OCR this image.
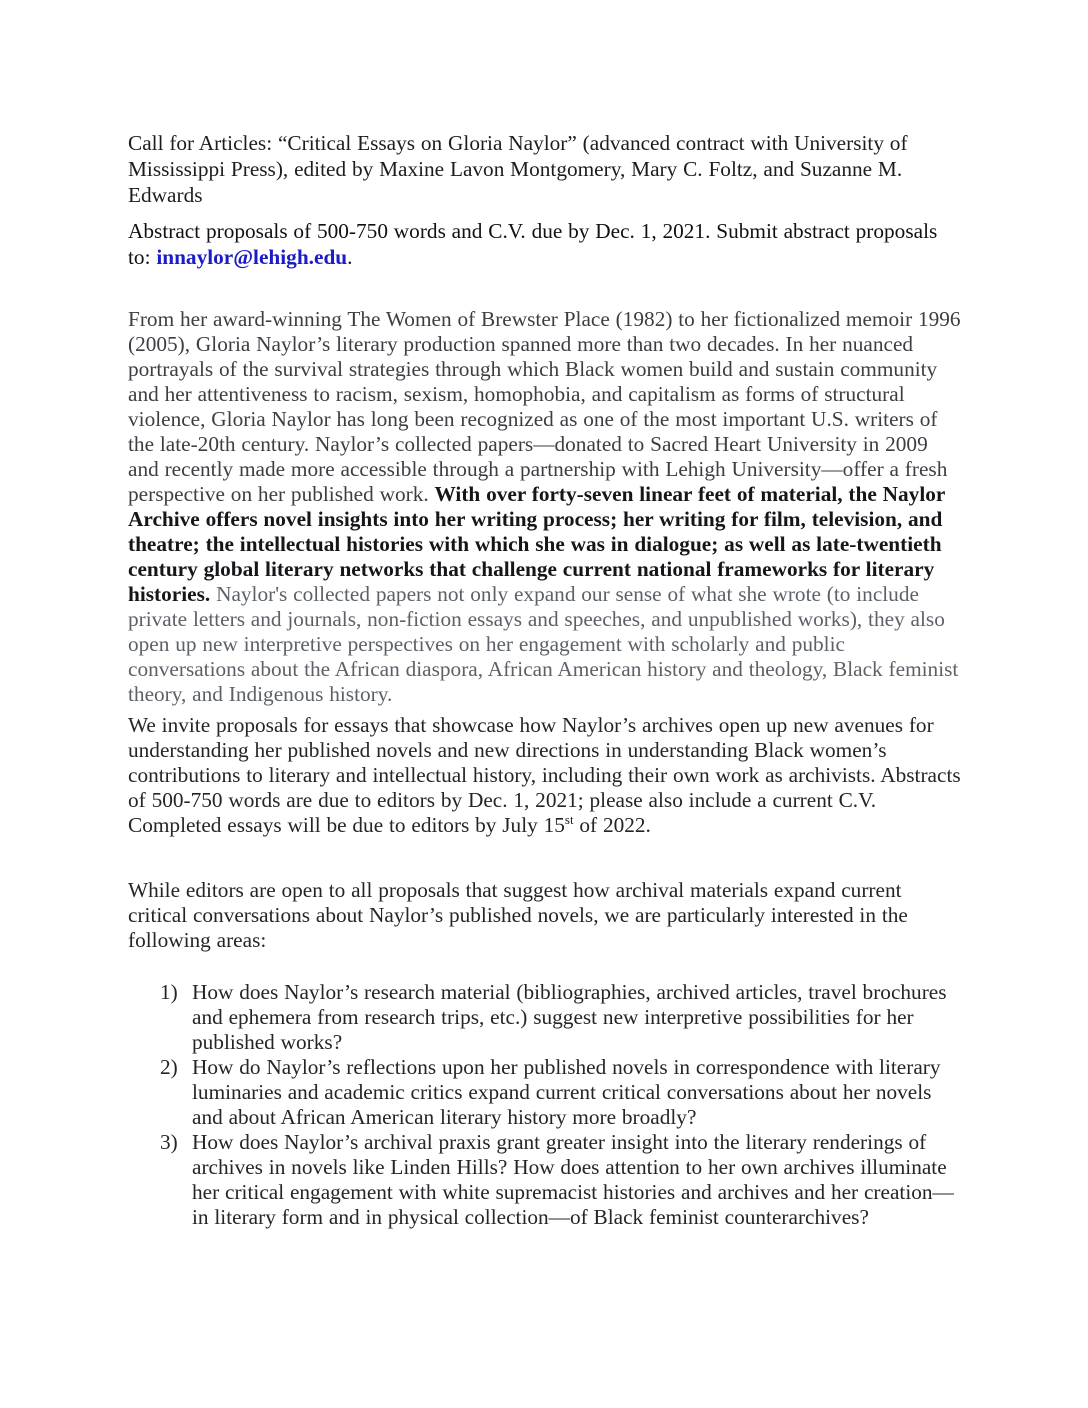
Call for Articles: “Critical Essays on Gloria Naylor” (advanced contract with University of Mississippi Press), edited by Maxine Lavon Montgomery, Mary C. Foltz, and Suzanne M. Edwards

Abstract proposals of 500-750 words and C.V. due by Dec. 1, 2021. Submit abstract proposals to: innaylor@lehigh.edu.

From her award-winning The Women of Brewster Place (1982) to her fictionalized memoir 1996 (2005), Gloria Naylor’s literary production spanned more than two decades. In her nuanced portrayals of the survival strategies through which Black women build and sustain community and her attentiveness to racism, sexism, homophobia, and capitalism as forms of structural violence, Gloria Naylor has long been recognized as one of the most important U.S. writers of the late-20th century. Naylor’s collected papers—donated to Sacred Heart University in 2009 and recently made more accessible through a partnership with Lehigh University—offer a fresh perspective on her published work. With over forty-seven linear feet of material, the Naylor Archive offers novel insights into her writing process; her writing for film, television, and theatre; the intellectual histories with which she was in dialogue; as well as late-twentieth century global literary networks that challenge current national frameworks for literary histories. Naylor's collected papers not only expand our sense of what she wrote (to include private letters and journals, non-fiction essays and speeches, and unpublished works), they also open up new interpretive perspectives on her engagement with scholarly and public conversations about the African diaspora, African American history and theology, Black feminist theory, and Indigenous history.

We invite proposals for essays that showcase how Naylor’s archives open up new avenues for understanding her published novels and new directions in understanding Black women’s contributions to literary and intellectual history, including their own work as archivists. Abstracts of 500-750 words are due to editors by Dec. 1, 2021; please also include a current C.V. Completed essays will be due to editors by July 15st of 2022.

While editors are open to all proposals that suggest how archival materials expand current critical conversations about Naylor’s published novels, we are particularly interested in the following areas:

1) How does Naylor’s research material (bibliographies, archived articles, travel brochures and ephemera from research trips, etc.) suggest new interpretive possibilities for her published works?
2) How do Naylor’s reflections upon her published novels in correspondence with literary luminaries and academic critics expand current critical conversations about her novels and about African American literary history more broadly?
3) How does Naylor’s archival praxis grant greater insight into the literary renderings of archives in novels like Linden Hills? How does attention to her own archives illuminate her critical engagement with white supremacist histories and archives and her creation—in literary form and in physical collection—of Black feminist counterarchives?
